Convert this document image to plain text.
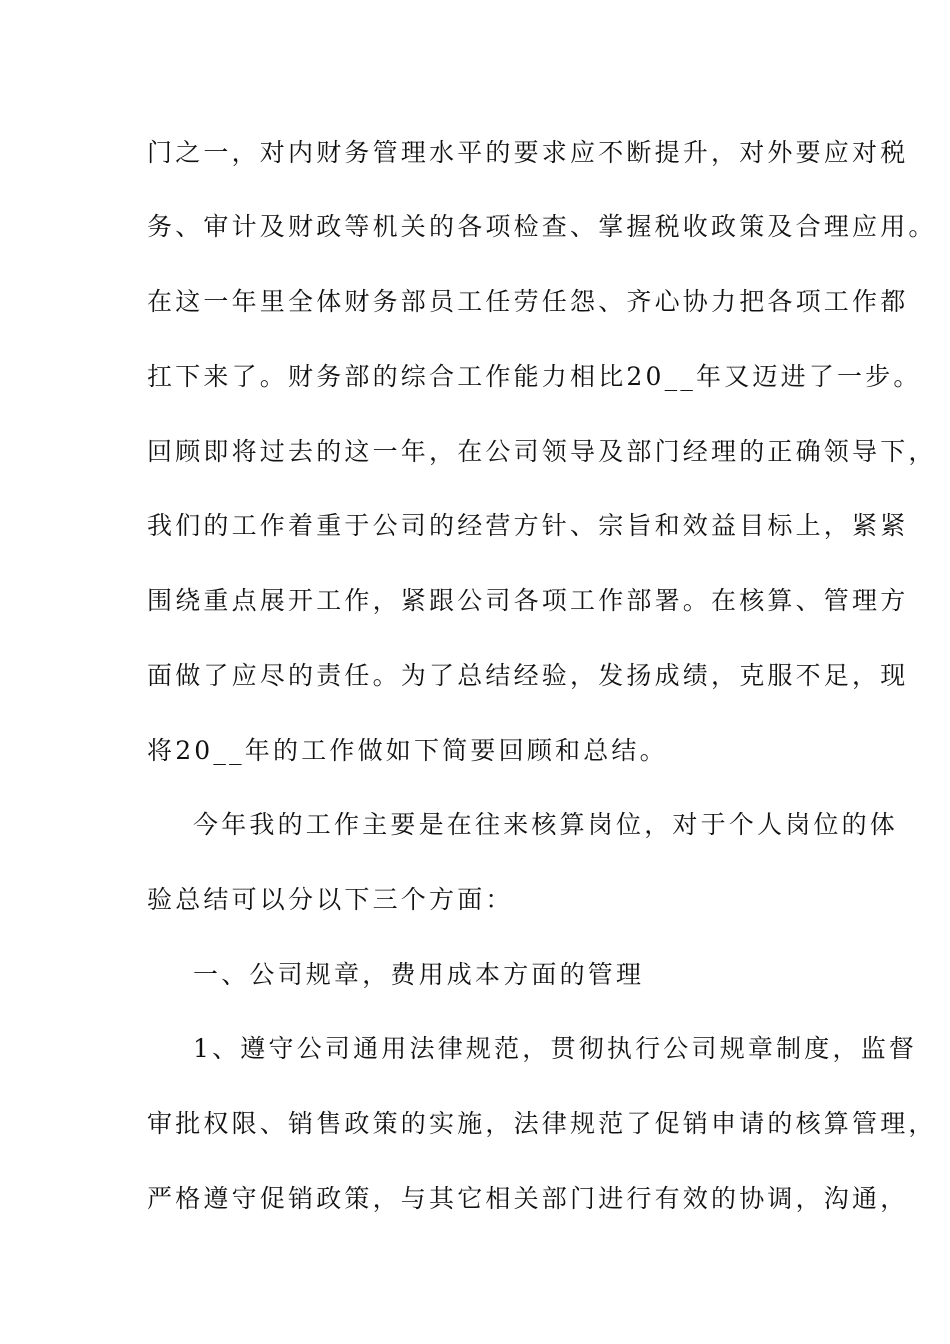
门之一，对内财务管理水平的要求应不断提升，对外要应对税
务、审计及财政等机关的各项检查、掌握税收政策及合理应用。
在这一年里全体财务部员工任劳任怨、齐心协力把各项工作都
扛下来了。财务部的综合工作能力相比20__年又迈进了一步。
回顾即将过去的这一年，在公司领导及部门经理的正确领导下，
我们的工作着重于公司的经营方针、宗旨和效益目标上，紧紧
围绕重点展开工作，紧跟公司各项工作部署。在核算、管理方
面做了应尽的责任。为了总结经验，发扬成绩，克服不足，现
将20__年的工作做如下简要回顾和总结。
今年我的工作主要是在往来核算岗位，对于个人岗位的体
验总结可以分以下三个方面：
一、公司规章，费用成本方面的管理
1、遵守公司通用法律规范，贯彻执行公司规章制度，监督
审批权限、销售政策的实施，法律规范了促销申请的核算管理，
严格遵守促销政策，与其它相关部门进行有效的协调，沟通，
